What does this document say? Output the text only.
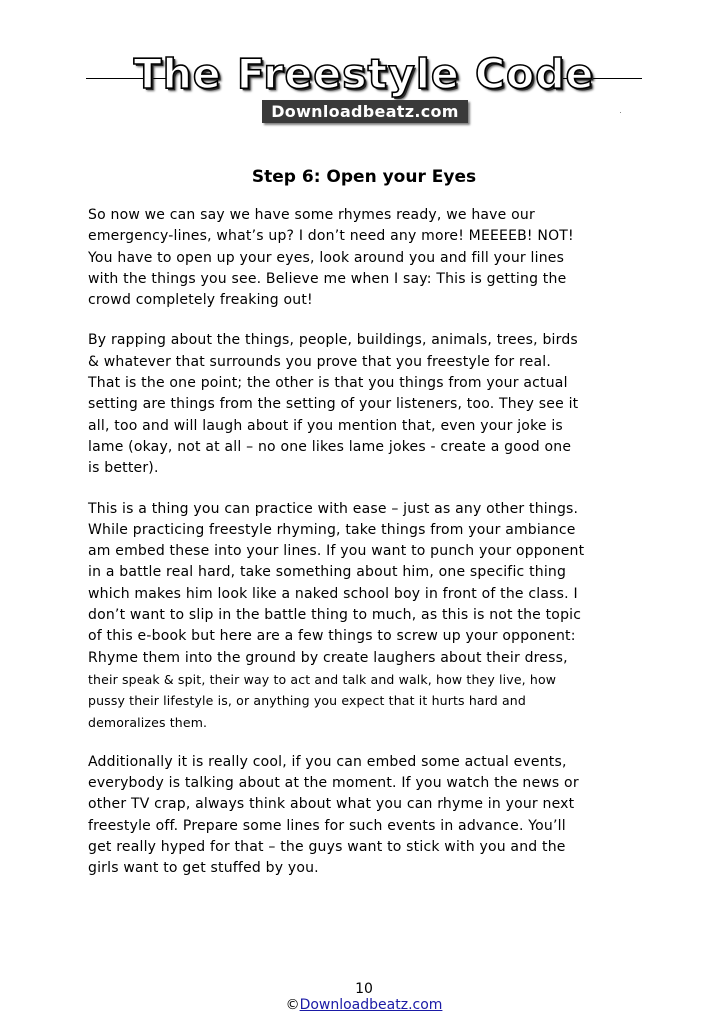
The Freestyle Code
Downloadbeatz.com
Step 6: Open your Eyes

So now we can say we have some rhymes ready, we have our
emergency-lines, what’s up? I don’t need any more! MEEEEB! NOT!
You have to open up your eyes, look around you and fill your lines
with the things you see. Believe me when I say: This is getting the
crowd completely freaking out!

By rapping about the things, people, buildings, animals, trees, birds
& whatever that surrounds you prove that you freestyle for real.
That is the one point; the other is that you things from your actual
setting are things from the setting of your listeners, too. They see it
all, too and will laugh about if you mention that, even your joke is
lame (okay, not at all – no one likes lame jokes - create a good one
is better).

This is a thing you can practice with ease – just as any other things.
While practicing freestyle rhyming, take things from your ambiance
am embed these into your lines. If you want to punch your opponent
in a battle real hard, take something about him, one specific thing
which makes him look like a naked school boy in front of the class. I
don’t want to slip in the battle thing to much, as this is not the topic
of this e-book but here are a few things to screw up your opponent:
Rhyme them into the ground by create laughers about their dress,
their speak & spit, their way to act and talk and walk, how they live, how
pussy their lifestyle is, or anything you expect that it hurts hard and
demoralizes them.

Additionally it is really cool, if you can embed some actual events,
everybody is talking about at the moment. If you watch the news or
other TV crap, always think about what you can rhyme in your next
freestyle off. Prepare some lines for such events in advance. You’ll
get really hyped for that – the guys want to stick with you and the
girls want to get stuffed by you.

10
©Downloadbeatz.com
